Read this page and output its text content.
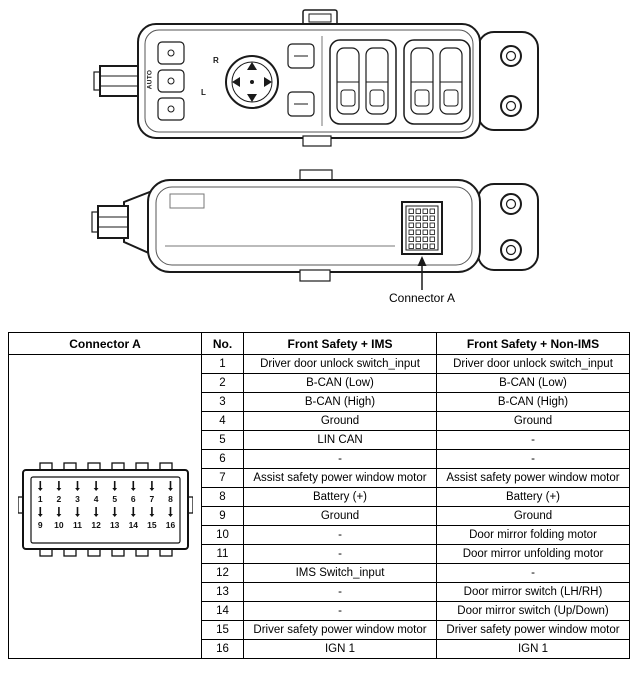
AUTO
L
R
Connector A
Connector A	No.	Front Safety + IMS	Front Safety + Non-IMS

1 2 3 4 5 6 7 8
9 10 11 12 13 14 15 16
	1	Driver door unlock switch_input	Driver door unlock switch_input
	2	B-CAN (Low)	B-CAN (Low)
	3	B-CAN (High)	B-CAN (High)
	4	Ground	Ground
	5	LIN CAN	-
	6	-	-
	7	Assist safety power window motor	Assist safety power window motor
	8	Battery (+)	Battery (+)
	9	Ground	Ground
	10	-	Door mirror folding motor
	11	-	Door mirror unfolding motor
	12	IMS Switch_input	-
	13	-	Door mirror switch (LH/RH)
	14	-	Door mirror switch (Up/Down)
	15	Driver safety power window motor	Driver safety power window motor
	16	IGN 1	IGN 1
